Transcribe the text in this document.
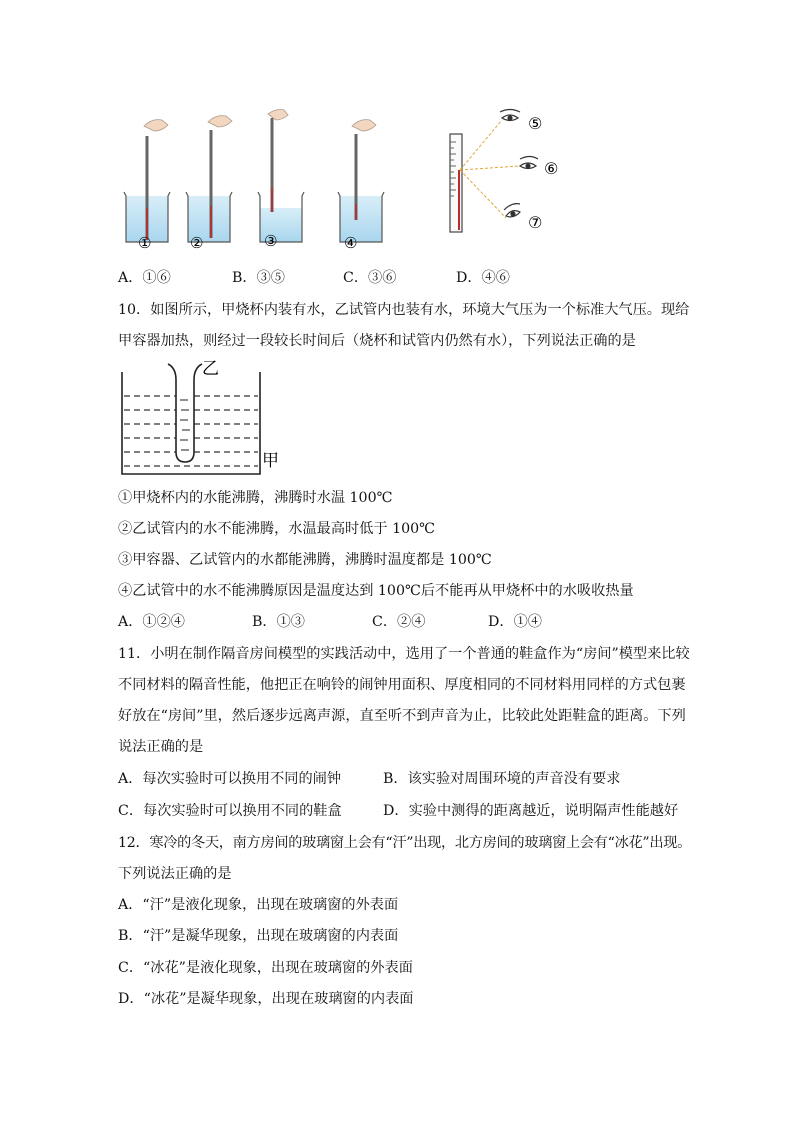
①	②	③	④
⑤
⑥
⑦
A．①⑥	B．③⑤	C．③⑥	D．④⑥
10．如图所示，甲烧杯内装有水，乙试管内也装有水，环境大气压为一个标准大气压。现给
甲容器加热，则经过一段较长时间后（烧杯和试管内仍然有水），下列说法正确的是
乙
甲
①甲烧杯内的水能沸腾，沸腾时水温 100℃
②乙试管内的水不能沸腾，水温最高时低于 100℃
③甲容器、乙试管内的水都能沸腾，沸腾时温度都是 100℃
④乙试管中的水不能沸腾原因是温度达到 100℃后不能再从甲烧杯中的水吸收热量
A．①②④	B．①③	C．②④	D．①④
11．小明在制作隔音房间模型的实践活动中，选用了一个普通的鞋盒作为“房间”模型来比较
不同材料的隔音性能，他把正在响铃的闹钟用面积、厚度相同的不同材料用同样的方式包裹
好放在“房间”里，然后逐步远离声源，直至听不到声音为止，比较此处距鞋盒的距离。下列
说法正确的是
A．每次实验时可以换用不同的闹钟	B．该实验对周围环境的声音没有要求
C．每次实验时可以换用不同的鞋盒	D．实验中测得的距离越近，说明隔声性能越好
12．寒冷的冬天，南方房间的玻璃窗上会有“汗”出现，北方房间的玻璃窗上会有“冰花”出现。
下列说法正确的是
A．“汗”是液化现象，出现在玻璃窗的外表面
B．“汗”是凝华现象，出现在玻璃窗的内表面
C．“冰花”是液化现象，出现在玻璃窗的外表面
D．“冰花”是凝华现象，出现在玻璃窗的内表面
